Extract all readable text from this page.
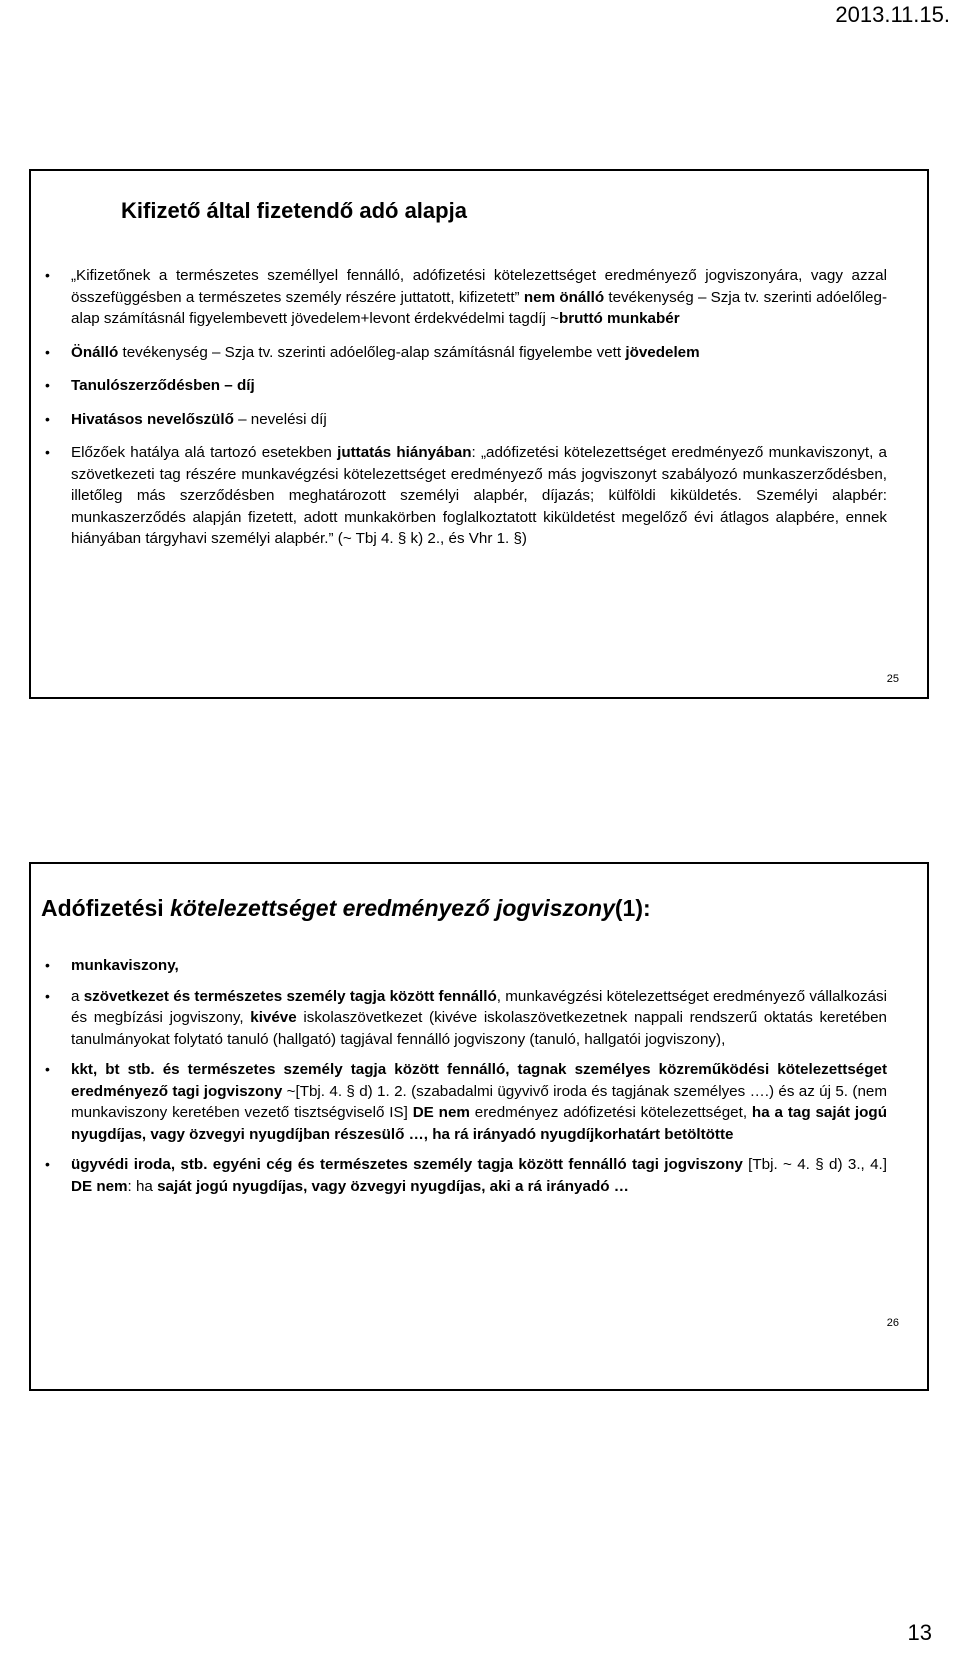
2013.11.15.
Kifizető által fizetendő adó alapja
• „Kifizetőnek a természetes személlyel fennálló, adófizetési kötelezettséget eredményező jogviszonyára, vagy azzal összefüggésben a természetes személy részére juttatott, kifizetett” nem önálló tevékenység – Szja tv. szerinti adóelőleg-alap számításnál figyelembevett jövedelem+levont érdekvédelmi tagdíj ~bruttó munkabér
• Önálló tevékenység – Szja tv. szerinti adóelőleg-alap számításnál figyelembe vett jövedelem
• Tanulószerződésben – díj
• Hivatásos nevelőszülő – nevelési díj
• Előzőek hatálya alá tartozó esetekben juttatás hiányában: „adófizetési kötelezettséget eredményező munkaviszonyt, a szövetkezeti tag részére munkavégzési kötelezettséget eredményező más jogviszonyt szabályozó munkaszerződésben, illetőleg más szerződésben meghatározott személyi alapbér, díjazás; külföldi kiküldetés. Személyi alapbér: munkaszerződés alapján fizetett, adott munkakörben foglalkoztatott kiküldetést megelőző évi átlagos alapbére, ennek hiányában tárgyhavi személyi alapbér.” (~ Tbj 4. § k) 2., és Vhr 1. §)
25
Adófizetési kötelezettséget eredményező jogviszony(1):
• munkaviszony,
• a szövetkezet és természetes személy tagja között fennálló, munkavégzési kötelezettséget eredményező vállalkozási és megbízási jogviszony, kivéve iskolaszövetkezet (kivéve iskolaszövetkezetnek nappali rendszerű oktatás keretében tanulmányokat folytató tanuló (hallgató) tagjával fennálló jogviszony (tanuló, hallgatói jogviszony),
• kkt, bt stb. és természetes személy tagja között fennálló, tagnak személyes közreműködési kötelezettséget eredményező tagi jogviszony ~[Tbj. 4. § d) 1. 2. (szabadalmi ügyvivő iroda és tagjának személyes ….) és az új 5. (nem munkaviszony keretében vezető tisztségviselő IS] DE nem eredményez adófizetési kötelezettséget, ha a tag saját jogú nyugdíjas, vagy özvegyi nyugdíjban részesülő …, ha rá irányadó nyugdíjkorhatárt betöltötte
• ügyvédi iroda, stb. egyéni cég és természetes személy tagja között fennálló tagi jogviszony [Tbj. ~ 4. § d) 3., 4.] DE nem: ha saját jogú nyugdíjas, vagy özvegyi nyugdíjas, aki a rá irányadó …
26
13
